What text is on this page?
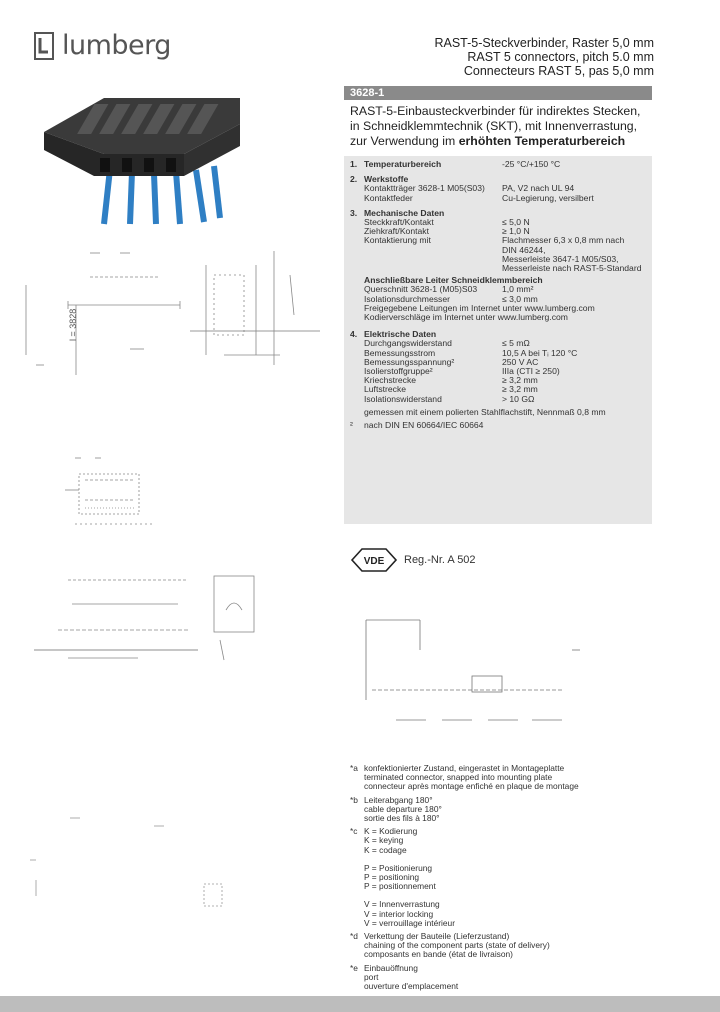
lumberg	RAST-5-Steckverbinder, Raster 5,0 mm
RAST 5 connectors, pitch 5.0 mm
Connecteurs RAST 5, pas 5,0 mm
3628-1
RAST-5-Einbausteckverbinder für indirektes Stecken, in Schneidklemmtechnik (SKT), mit Innenverrastung, zur Verwendung im erhöhten Temperaturbereich
1. Temperaturbereich	-25 °C/+150 °C
2. Werkstoffe
Kontaktträger 3628-1 M05(S03)	PA, V2 nach UL 94
Kontaktfeder	Cu-Legierung, versilbert
3. Mechanische Daten
Steckkraft/Kontakt	≤ 5,0 N
Ziehkraft/Kontakt	≥ 1,0 N
Kontaktierung mit	Flachmesser 6,3 x 0,8 mm nach
DIN 46244,
Messerleiste 3647-1 M05/S03,
Messerleiste nach RAST-5-Standard
Anschließbare Leiter Schneidklemmbereich
Querschnitt 3628-1 (M05)S03	1,0 mm²
Isolationsdurchmesser	≤ 3,0 mm
Freigegebene Leitungen im Internet unter www.lumberg.com
Kodierverschläge im Internet unter www.lumberg.com
4. Elektrische Daten
Durchgangswiderstand	≤ 5 mΩ
Bemessungsstrom	10,5 A bei Tᵢ 120 °C
Bemessungsspannung²	250 V AC
Isolierstoffgruppe²	IIIa (CTI ≥ 250)
Kriechstrecke	≥ 3,2 mm
Luftstrecke	≥ 3,2 mm
Isolationswiderstand	> 10 GΩ
gemessen mit einem polierten Stahlflachstift, Nennmaß 0,8 mm
²	nach DIN EN 60664/IEC 60664
VDE Reg.-Nr. A 502
*a konfektionierter Zustand, eingerastet in Montageplatte
terminated connector, snapped into mounting plate
connecteur après montage enfiché en plaque de montage
*b Leiterabgang 180°
cable departure 180°
sortie des fils à 180°
*c K = Kodierung
K = keying
K = codage
P = Positionierung
P = positioning
P = positionnement
V = Innenverrastung
V = interior locking
V = verrouillage intérieur
*d Verkettung der Bauteile (Lieferzustand)
chaining of the component parts (state of delivery)
composants en bande (état de livraison)
*e Einbauöffnung
port
ouverture d'emplacement
l = 3828
